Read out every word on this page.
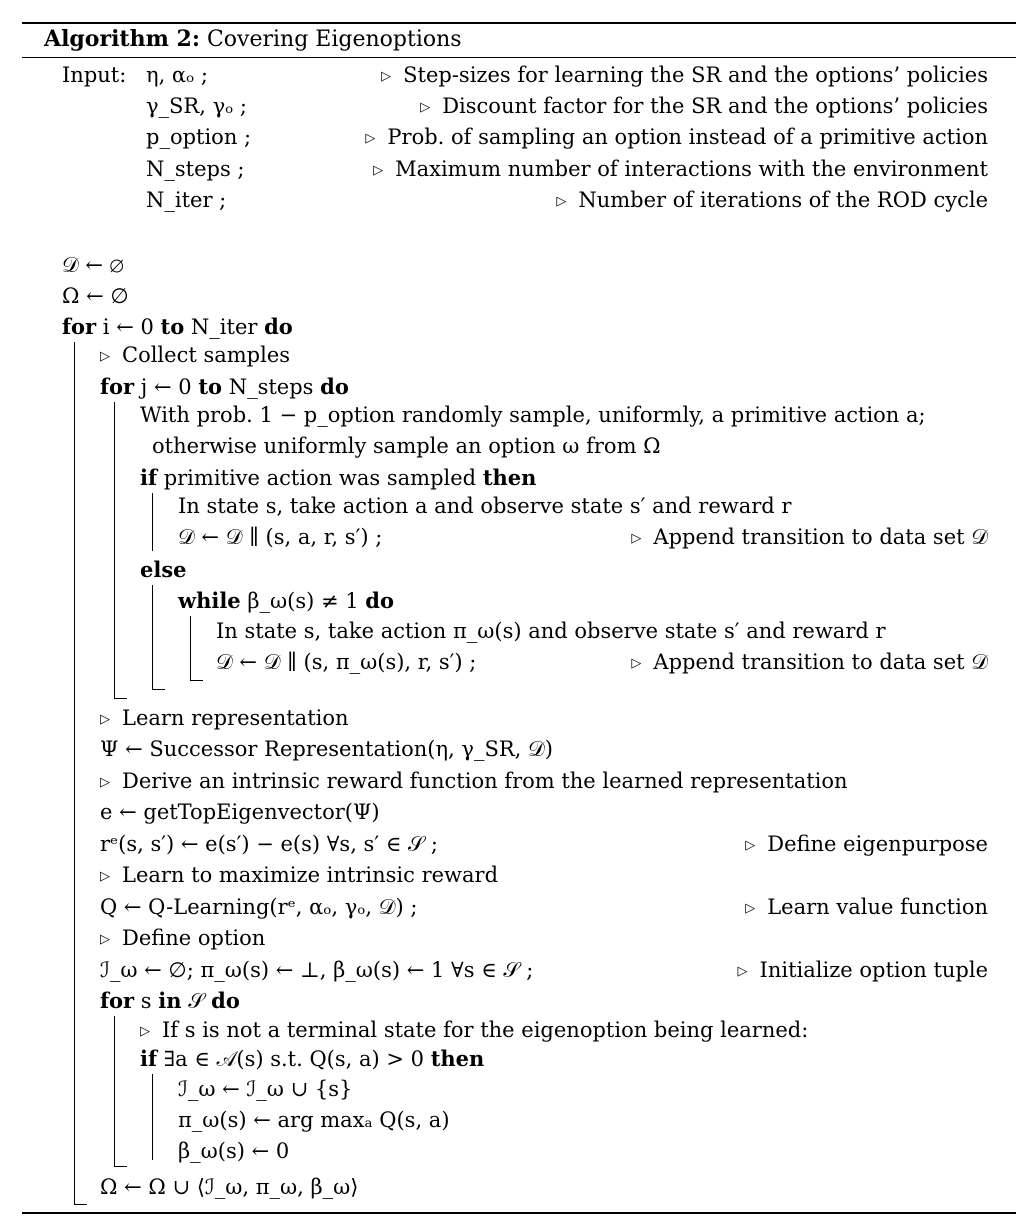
Algorithm 2: Covering Eigenoptions
Input: η, αₒ ;	▷ Step-sizes for learning the SR and the options’ policies
γ_SR, γₒ ;	▷ Discount factor for the SR and the options’ policies
p_option ;	▷ Prob. of sampling an option instead of a primitive action
N_steps ;	▷ Maximum number of interactions with the environment
N_iter ;	▷ Number of iterations of the ROD cycle
𝒟 ← ∅
Ω ← ∅
for i ← 0 to N_iter do
▷ Collect samples
for j ← 0 to N_steps do
With prob. 1 − p_option randomly sample, uniformly, a primitive action a;
otherwise uniformly sample an option ω from Ω
if primitive action was sampled then
In state s, take action a and observe state s′ and reward r
𝒟 ← 𝒟 ∥ (s, a, r, s′) ;	▷ Append transition to data set 𝒟
else
while β_ω(s) ≠ 1 do
In state s, take action π_ω(s) and observe state s′ and reward r
𝒟 ← 𝒟 ∥ (s, π_ω(s), r, s′) ;	▷ Append transition to data set 𝒟
▷ Learn representation
Ψ ← Successor Representation(η, γ_SR, 𝒟)
▷ Derive an intrinsic reward function from the learned representation
e ← getTopEigenvector(Ψ)
rᵉ(s, s′) ← e(s′) − e(s) ∀s, s′ ∈ 𝒮 ;	▷ Define eigenpurpose
▷ Learn to maximize intrinsic reward
Q ← Q-Learning(rᵉ, αₒ, γₒ, 𝒟) ;	▷ Learn value function
▷ Define option
ℐ_ω ← ∅; π_ω(s) ← ⊥, β_ω(s) ← 1 ∀s ∈ 𝒮 ;	▷ Initialize option tuple
for s in 𝒮 do
▷ If s is not a terminal state for the eigenoption being learned:
if ∃a ∈ 𝒜(s) s.t. Q(s, a) > 0 then
ℐ_ω ← ℐ_ω ∪ {s}
π_ω(s) ← arg maxₐ Q(s, a)
β_ω(s) ← 0
Ω ← Ω ∪ ⟨ℐ_ω, π_ω, β_ω⟩
